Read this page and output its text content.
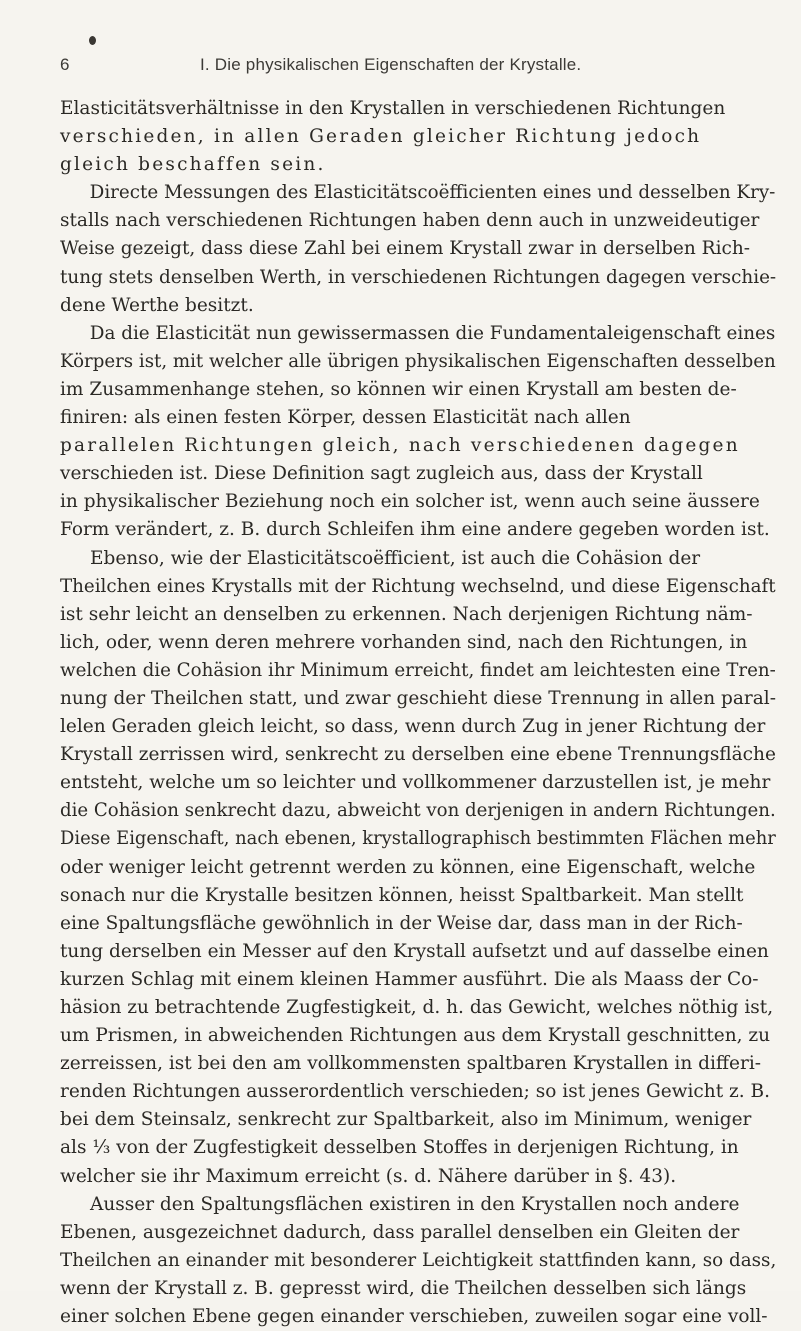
6	I. Die physikalischen Eigenschaften der Krystalle.
Elasticitätsverhältnisse in den Krystallen in verschiedenen Richtungen
verschieden, in allen Geraden gleicher Richtung jedoch
gleich beschaffen sein.
Directe Messungen des Elasticitätscoëfficienten eines und desselben Kry-
stalls nach verschiedenen Richtungen haben denn auch in unzweideutiger
Weise gezeigt, dass diese Zahl bei einem Krystall zwar in derselben Rich-
tung stets denselben Werth, in verschiedenen Richtungen dagegen verschie-
dene Werthe besitzt.
Da die Elasticität nun gewissermassen die Fundamentaleigenschaft eines
Körpers ist, mit welcher alle übrigen physikalischen Eigenschaften desselben
im Zusammenhange stehen, so können wir einen Krystall am besten de-
finiren: als einen festen Körper, dessen Elasticität nach allen
parallelen Richtungen gleich, nach verschiedenen dagegen
verschieden ist. Diese Definition sagt zugleich aus, dass der Krystall
in physikalischer Beziehung noch ein solcher ist, wenn auch seine äussere
Form verändert, z. B. durch Schleifen ihm eine andere gegeben worden ist.
Ebenso, wie der Elasticitätscoëfficient, ist auch die Cohäsion der
Theilchen eines Krystalls mit der Richtung wechselnd, und diese Eigenschaft
ist sehr leicht an denselben zu erkennen. Nach derjenigen Richtung näm-
lich, oder, wenn deren mehrere vorhanden sind, nach den Richtungen, in
welchen die Cohäsion ihr Minimum erreicht, findet am leichtesten eine Tren-
nung der Theilchen statt, und zwar geschieht diese Trennung in allen paral-
lelen Geraden gleich leicht, so dass, wenn durch Zug in jener Richtung der
Krystall zerrissen wird, senkrecht zu derselben eine ebene Trennungsfläche
entsteht, welche um so leichter und vollkommener darzustellen ist, je mehr
die Cohäsion senkrecht dazu, abweicht von derjenigen in andern Richtungen.
Diese Eigenschaft, nach ebenen, krystallographisch bestimmten Flächen mehr
oder weniger leicht getrennt werden zu können, eine Eigenschaft, welche
sonach nur die Krystalle besitzen können, heisst Spaltbarkeit. Man stellt
eine Spaltungsfläche gewöhnlich in der Weise dar, dass man in der Rich-
tung derselben ein Messer auf den Krystall aufsetzt und auf dasselbe einen
kurzen Schlag mit einem kleinen Hammer ausführt. Die als Maass der Co-
häsion zu betrachtende Zugfestigkeit, d. h. das Gewicht, welches nöthig ist,
um Prismen, in abweichenden Richtungen aus dem Krystall geschnitten, zu
zerreissen, ist bei den am vollkommensten spaltbaren Krystallen in differi-
renden Richtungen ausserordentlich verschieden; so ist jenes Gewicht z. B.
bei dem Steinsalz, senkrecht zur Spaltbarkeit, also im Minimum, weniger
als ¹⁄₃ von der Zugfestigkeit desselben Stoffes in derjenigen Richtung, in
welcher sie ihr Maximum erreicht (s. d. Nähere darüber in §. 43).
Ausser den Spaltungsflächen existiren in den Krystallen noch andere
Ebenen, ausgezeichnet dadurch, dass parallel denselben ein Gleiten der
Theilchen an einander mit besonderer Leichtigkeit stattfinden kann, so dass,
wenn der Krystall z. B. gepresst wird, die Theilchen desselben sich längs
einer solchen Ebene gegen einander verschieben, zuweilen sogar eine voll-
